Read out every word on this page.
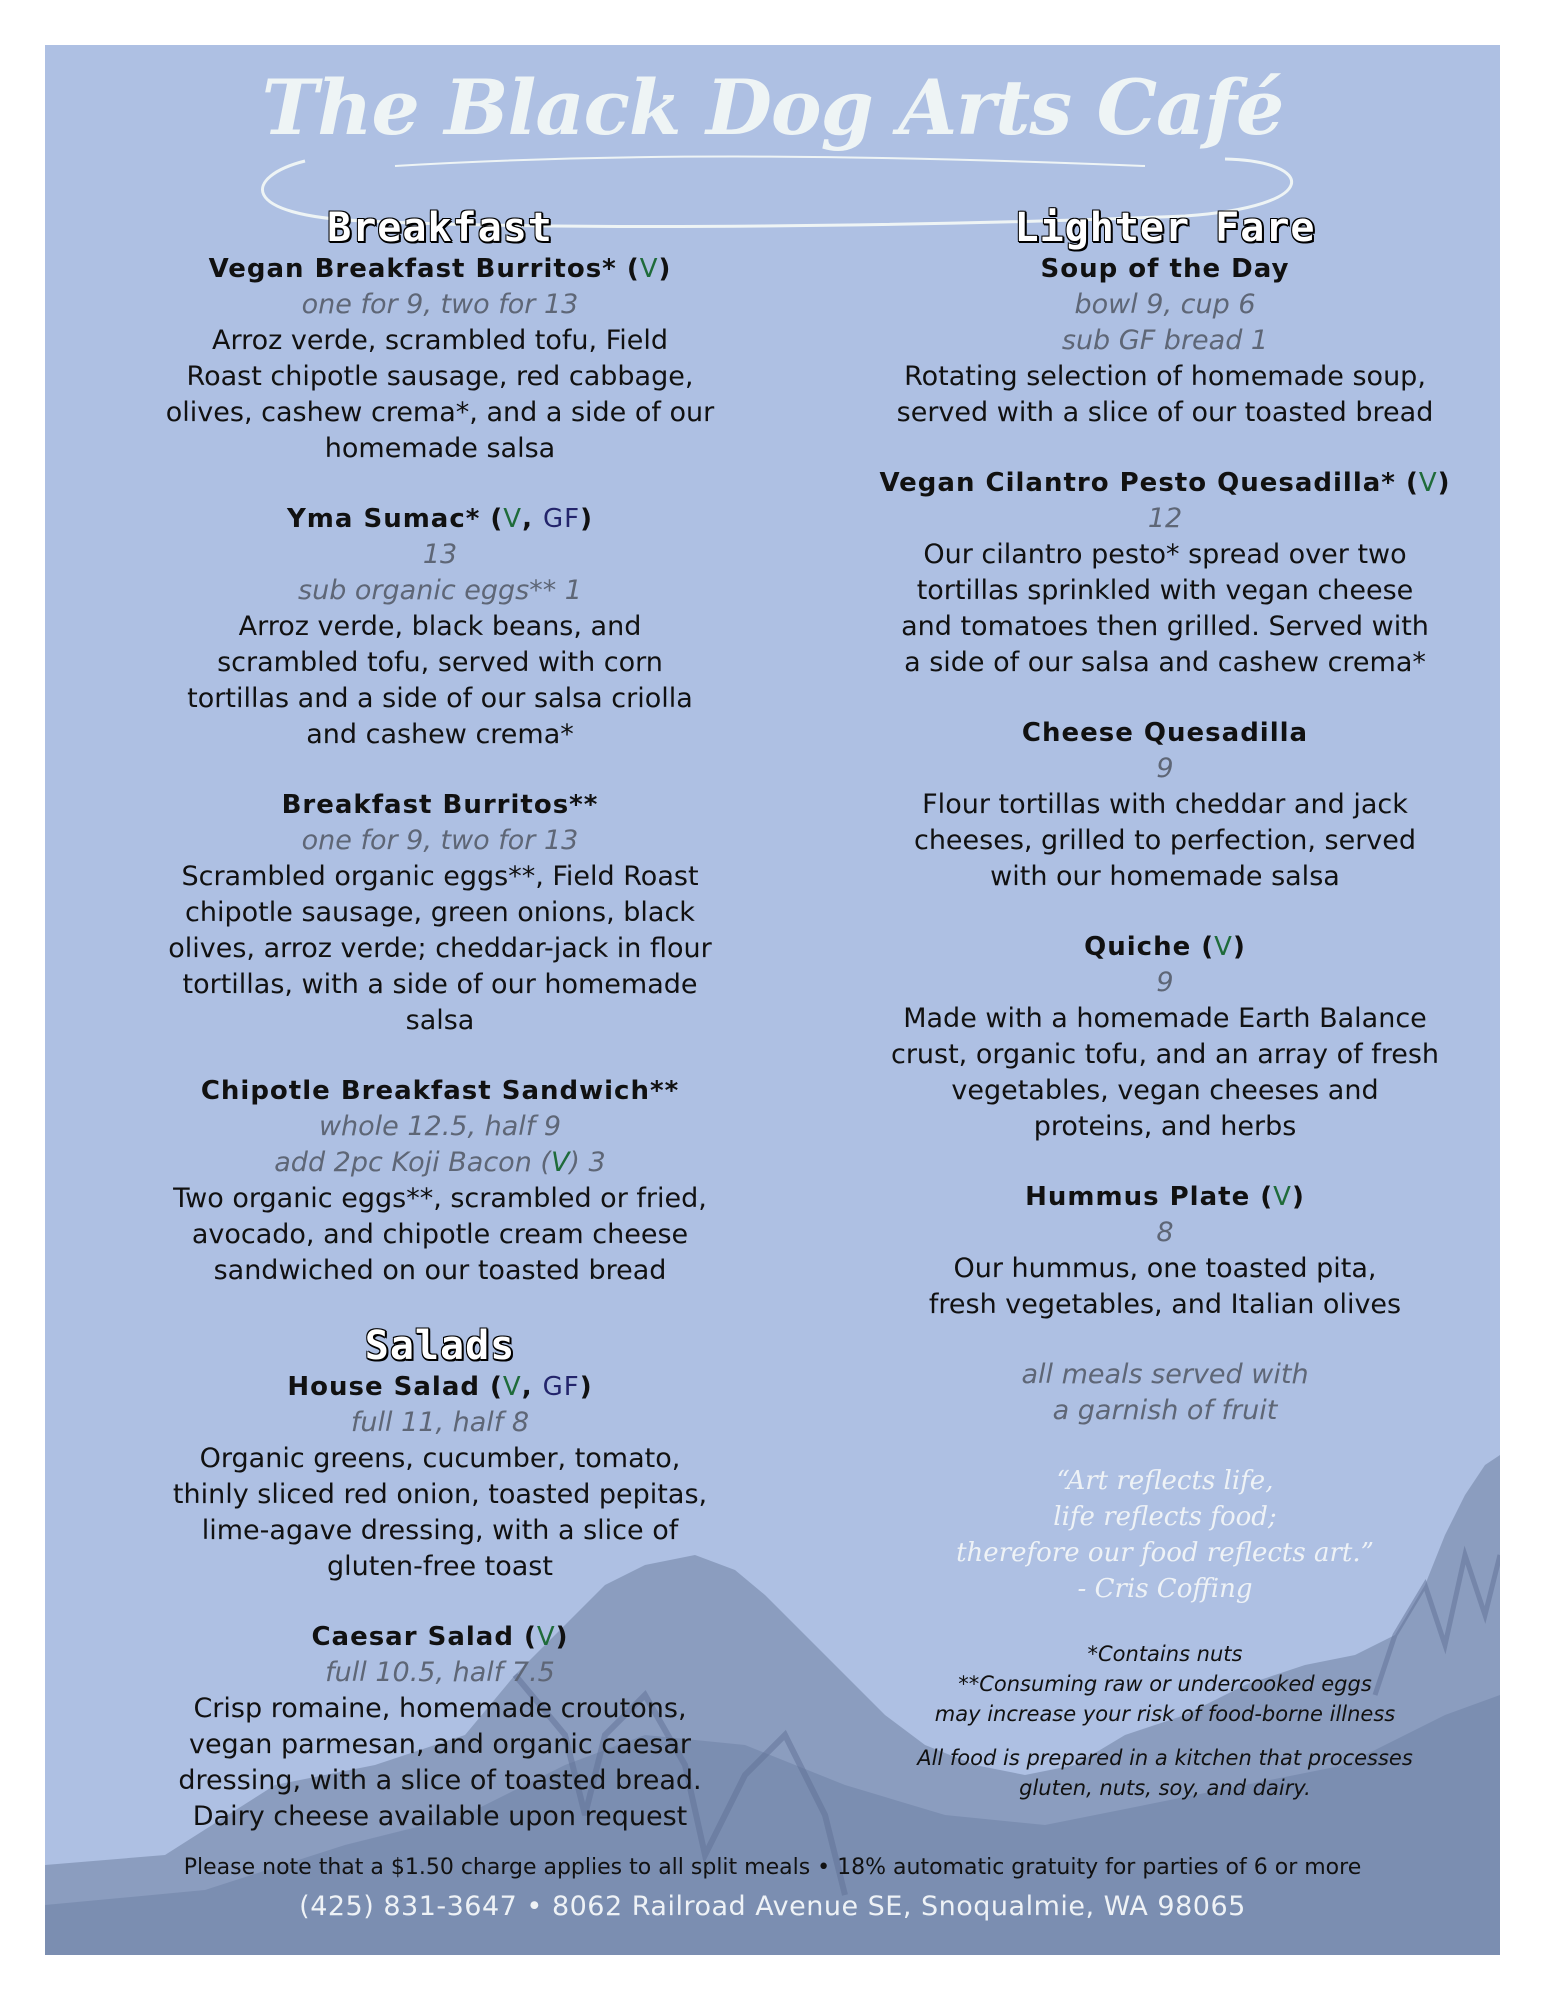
The Black Dog Arts Café
Breakfast
Vegan Breakfast Burritos* (V)
one for 9, two for 13
Arroz verde, scrambled tofu, Field
Roast chipotle sausage, red cabbage,
olives, cashew crema*, and a side of our
homemade salsa
Yma Sumac* (V, GF)
13
sub organic eggs** 1
Arroz verde, black beans, and
scrambled tofu, served with corn
tortillas and a side of our salsa criolla
and cashew crema*
Breakfast Burritos**
one for 9, two for 13
Scrambled organic eggs**, Field Roast
chipotle sausage, green onions, black
olives, arroz verde; cheddar-jack in flour
tortillas, with a side of our homemade
salsa
Chipotle Breakfast Sandwich**
whole 12.5, half 9
add 2pc Koji Bacon (V) 3
Two organic eggs**, scrambled or fried,
avocado, and chipotle cream cheese
sandwiched on our toasted bread
Salads
House Salad (V, GF)
full 11, half 8
Organic greens, cucumber, tomato,
thinly sliced red onion, toasted pepitas,
lime-agave dressing, with a slice of
gluten-free toast
Caesar Salad (V)
full 10.5, half 7.5
Crisp romaine, homemade croutons,
vegan parmesan, and organic caesar
dressing, with a slice of toasted bread.
Dairy cheese available upon request
Lighter Fare
Soup of the Day
bowl 9, cup 6
sub GF bread 1
Rotating selection of homemade soup,
served with a slice of our toasted bread
Vegan Cilantro Pesto Quesadilla* (V)
12
Our cilantro pesto* spread over two
tortillas sprinkled with vegan cheese
and tomatoes then grilled. Served with
a side of our salsa and cashew crema*
Cheese Quesadilla
9
Flour tortillas with cheddar and jack
cheeses, grilled to perfection, served
with our homemade salsa
Quiche (V)
9
Made with a homemade Earth Balance
crust, organic tofu, and an array of fresh
vegetables, vegan cheeses and
proteins, and herbs
Hummus Plate (V)
8
Our hummus, one toasted pita,
fresh vegetables, and Italian olives
all meals served with
a garnish of fruit
“Art reflects life,
life reflects food;
therefore our food reflects art.”
- Cris Coffing
*Contains nuts
**Consuming raw or undercooked eggs
may increase your risk of food-borne illness
All food is prepared in a kitchen that processes
gluten, nuts, soy, and dairy.
Please note that a $1.50 charge applies to all split meals • 18% automatic gratuity for parties of 6 or more
(425) 831-3647 • 8062 Railroad Avenue SE, Snoqualmie, WA 98065
